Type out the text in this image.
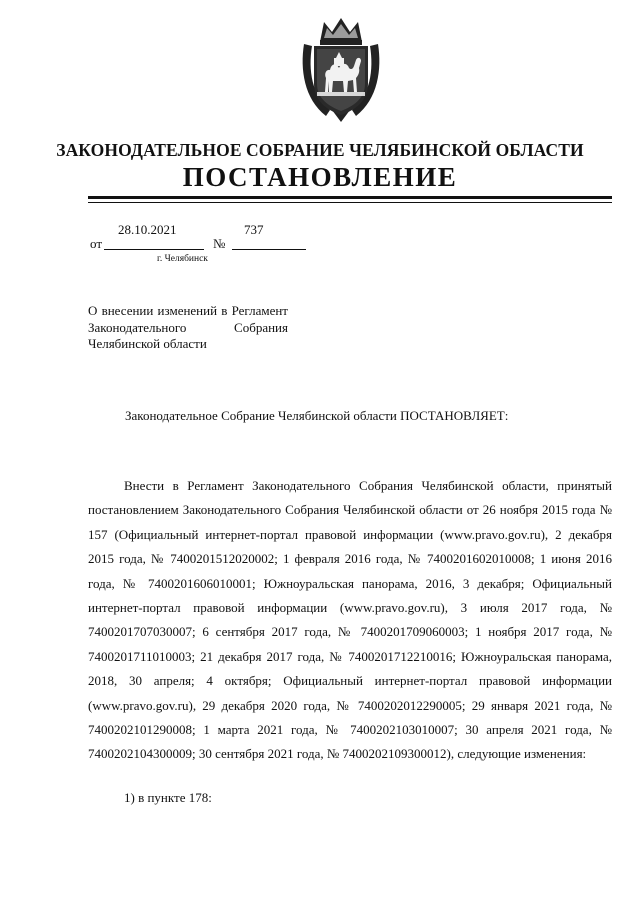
ЗАКОНОДАТЕЛЬНОЕ СОБРАНИЕ ЧЕЛЯБИНСКОЙ ОБЛАСТИ
ПОСТАНОВЛЕНИЕ
от
28.10.2021
№
737
г. Челябинск
О внесении изменений в Регламент Законодательного Собрания Челябинской области
Законодательное Собрание Челябинской области ПОСТАНОВЛЯЕТ:

Внести в Регламент Законодательного Собрания Челябинской области, принятый постановлением Законодательного Собрания Челябинской области от 26 ноября 2015 года № 157 (Официальный интернет-портал правовой информации (www.pravo.gov.ru), 2 декабря 2015 года, № 7400201512020002; 1 февраля 2016 года, № 7400201602010008; 1 июня 2016 года, № 7400201606010001; Южноуральская панорама, 2016, 3 декабря; Официальный интернет-портал правовой информации (www.pravo.gov.ru), 3 июля 2017 года, № 7400201707030007; 6 сентября 2017 года, № 7400201709060003; 1 ноября 2017 года, № 7400201711010003; 21 декабря 2017 года, № 7400201712210016; Южноуральская панорама, 2018, 30 апреля; 4 октября; Официальный интернет-портал правовой информации (www.pravo.gov.ru), 29 декабря 2020 года, № 7400202012290005; 29 января 2021 года, № 7400202101290008; 1 марта 2021 года, № 7400202103010007; 30 апреля 2021 года, № 7400202104300009; 30 сентября 2021 года, № 7400202109300012), следующие изменения:

1) в пункте 178:
